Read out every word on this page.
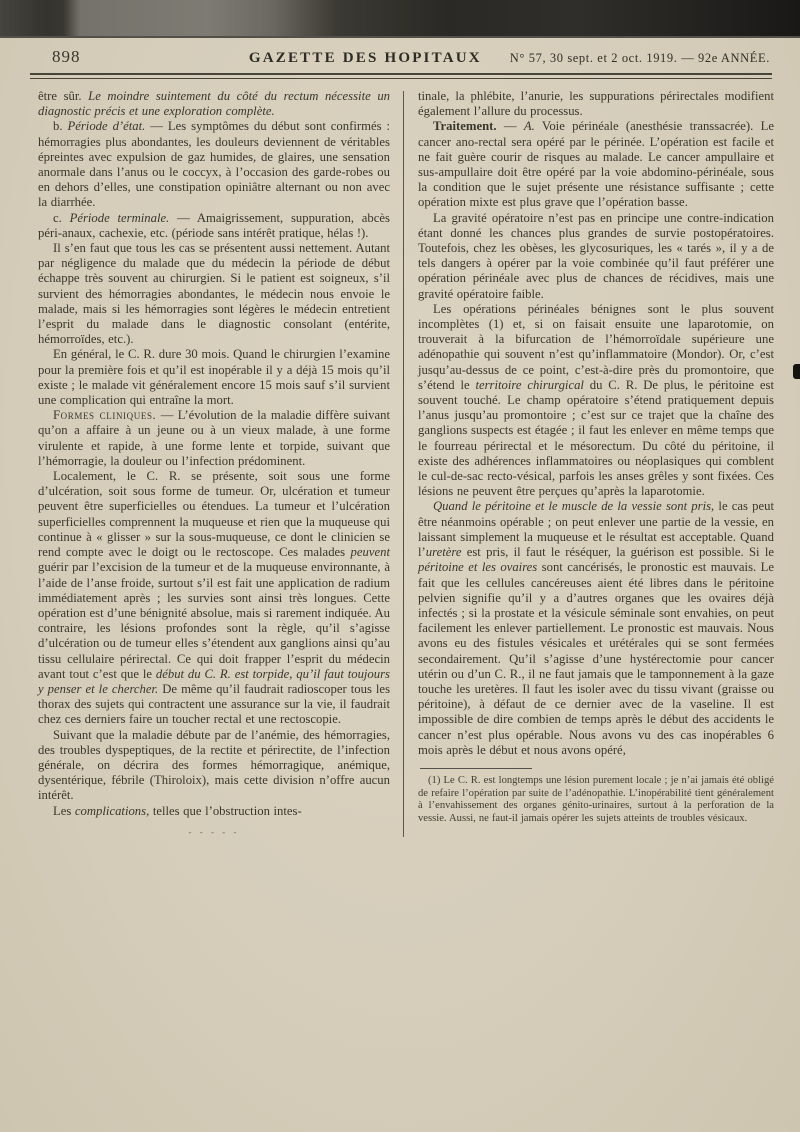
898	GAZETTE DES HOPITAUX N° 57, 30 sept. et 2 oct. 1919. — 92e ANNÉE.

être sûr. Le moindre suintement du côté du rectum nécessite un diagnostic précis et une exploration complète.

b. Période d’état. — Les symptômes du début sont confirmés : hémorragies plus abondantes, les douleurs deviennent de véritables épreintes avec expulsion de gaz humides, de glaires, une sensation anormale dans l’anus ou le coccyx, à l’occasion des garde-robes ou en dehors d’elles, une constipation opiniâtre alternant ou non avec la diarrhée.

c. Période terminale. — Amaigrissement, suppuration, abcès péri-anaux, cachexie, etc. (période sans intérêt pratique, hélas !).

Il s’en faut que tous les cas se présentent aussi nettement. Autant par négligence du malade que du médecin la période de début échappe très souvent au chirurgien. Si le patient est soigneux, s’il survient des hémorragies abondantes, le médecin nous envoie le malade, mais si les hémorragies sont légères le médecin entretient l’esprit du malade dans le diagnostic consolant (entérite, hémorroïdes, etc.).

En général, le C. R. dure 30 mois. Quand le chirurgien l’examine pour la première fois et qu’il est inopérable il y a déjà 15 mois qu’il existe ; le malade vit généralement encore 15 mois sauf s’il survient une complication qui entraîne la mort.

Formes cliniques. — L’évolution de la maladie diffère suivant qu’on a affaire à un jeune ou à un vieux malade, à une forme virulente et rapide, à une forme lente et torpide, suivant que l’hémorragie, la douleur ou l’infection prédominent.

Localement, le C. R. se présente, soit sous une forme d’ulcération, soit sous forme de tumeur. Or, ulcération et tumeur peuvent être superficielles ou étendues. La tumeur et l’ulcération superficielles comprennent la muqueuse et rien que la muqueuse qui continue à « glisser » sur la sous-muqueuse, ce dont le clinicien se rend compte avec le doigt ou le rectoscope. Ces malades peuvent guérir par l’excision de la tumeur et de la muqueuse environnante, à l’aide de l’anse froide, surtout s’il est fait une application de radium immédiatement après ; les survies sont ainsi très longues. Cette opération est d’une bénignité absolue, mais si rarement indiquée. Au contraire, les lésions profondes sont la règle, qu’il s’agisse d’ulcération ou de tumeur elles s’étendent aux ganglions ainsi qu’au tissu cellulaire périrectal. Ce qui doit frapper l’esprit du médecin avant tout c’est que le début du C. R. est torpide, qu’il faut toujours y penser et le chercher. De même qu’il faudrait radioscoper tous les thorax des sujets qui contractent une assurance sur la vie, il faudrait chez ces derniers faire un toucher rectal et une rectoscopie.

Suivant que la maladie débute par de l’anémie, des hémorragies, des troubles dyspeptiques, de la rectite et périrectite, de l’infection générale, on décrira des formes hémorragique, anémique, dysentérique, fébrile (Thiroloix), mais cette division n’offre aucun intérêt.

Les complications, telles que l’obstruction intes-

- - - - -

tinale, la phlébite, l’anurie, les suppurations périrectales modifient également l’allure du processus.

Traitement. — A. Voie périnéale (anesthésie transsacrée). Le cancer ano-rectal sera opéré par le périnée. L’opération est facile et ne fait guère courir de risques au malade. Le cancer ampullaire et sus-ampullaire doit être opéré par la voie abdomino-périnéale, sous la condition que le sujet présente une résistance suffisante ; cette opération mixte est plus grave que l’opération basse.

La gravité opératoire n’est pas en principe une contre-indication étant donné les chances plus grandes de survie postopératoires. Toutefois, chez les obèses, les glycosuriques, les « tarés », il y a de tels dangers à opérer par la voie combinée qu’il faut préférer une opération périnéale avec plus de chances de récidives, mais une gravité opératoire faible.

Les opérations périnéales bénignes sont le plus souvent incomplètes (1) et, si on faisait ensuite une laparotomie, on trouverait à la bifurcation de l’hémorroïdale supérieure une adénopathie qui souvent n’est qu’inflammatoire (Mondor). Or, c’est jusqu’au-dessus de ce point, c’est-à-dire près du promontoire, que s’étend le territoire chirurgical du C. R. De plus, le péritoine est souvent touché. Le champ opératoire s’étend pratiquement depuis l’anus jusqu’au promontoire ; c’est sur ce trajet que la chaîne des ganglions suspects est étagée ; il faut les enlever en même temps que le fourreau périrectal et le mésorectum. Du côté du péritoine, il existe des adhérences inflammatoires ou néoplasiques qui comblent le cul-de-sac recto-vésical, parfois les anses grêles y sont fixées. Ces lésions ne peuvent être perçues qu’après la laparotomie.

Quand le péritoine et le muscle de la vessie sont pris, le cas peut être néanmoins opérable ; on peut enlever une partie de la vessie, en laissant simplement la muqueuse et le résultat est acceptable. Quand l’uretère est pris, il faut le réséquer, la guérison est possible. Si le péritoine et les ovaires sont cancérisés, le pronostic est mauvais. Le fait que les cellules cancéreuses aient été libres dans le péritoine pelvien signifie qu’il y a d’autres organes que les ovaires déjà infectés ; si la prostate et la vésicule séminale sont envahies, on peut facilement les enlever partiellement. Le pronostic est mauvais. Nous avons eu des fistules vésicales et urétérales qui se sont fermées secondairement. Qu’il s’agisse d’une hystérectomie pour cancer utérin ou d’un C. R., il ne faut jamais que le tamponnement à la gaze touche les uretères. Il faut les isoler avec du tissu vivant (graisse ou péritoine), à défaut de ce dernier avec de la vaseline. Il est impossible de dire combien de temps après le début des accidents le cancer n’est plus opérable. Nous avons vu des cas inopérables 6 mois après le début et nous avons opéré,

(1) Le C. R. est longtemps une lésion purement locale ; je n’ai jamais été obligé de refaire l’opération par suite de l’adénopathie. L’inopérabilité tient généralement à l’envahissement des organes génito-urinaires, surtout à la perforation de la vessie. Aussi, ne faut-il jamais opérer les sujets atteints de troubles vésicaux.
